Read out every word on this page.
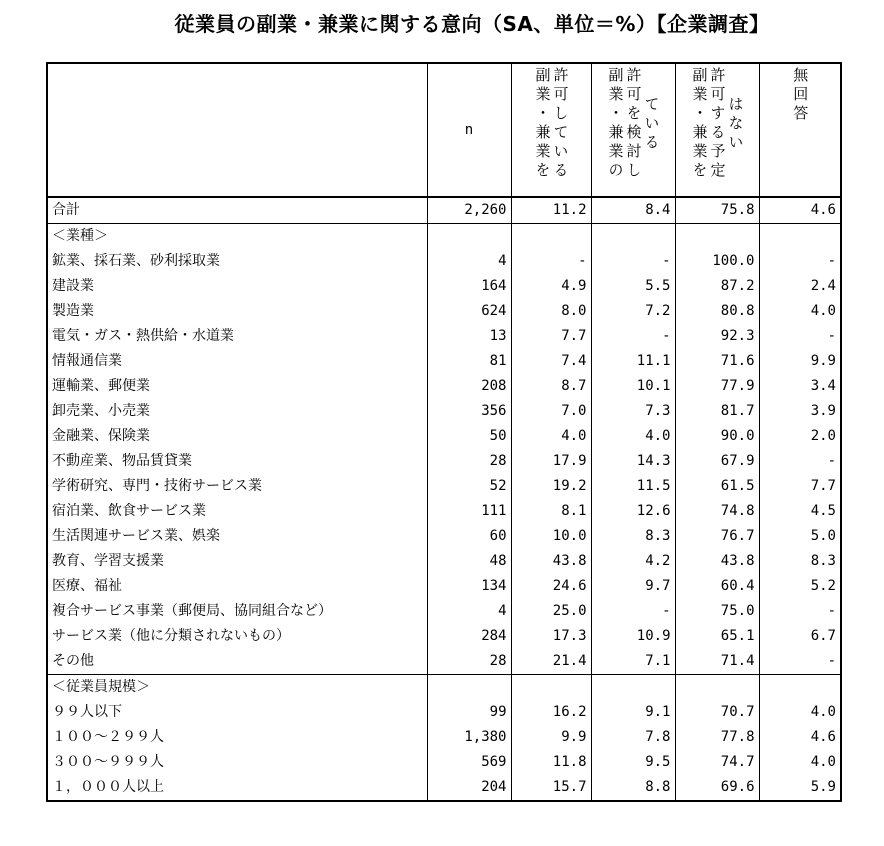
従業員の副業・兼業に関する意向（SA、単位＝%）【企業調査】
	n	副業・兼業を 許可している	副業・兼業の 許可を検討し ている	副業・兼業を 許可する予定 はない	無回答

合計	2,260	11.2	8.4	75.8	4.6
＜業種＞					
鉱業、採石業、砂利採取業	4	-	-	100.0	-
建設業	164	4.9	5.5	87.2	2.4
製造業	624	8.0	7.2	80.8	4.0
電気・ガス・熱供給・水道業	13	7.7	-	92.3	-
情報通信業	81	7.4	11.1	71.6	9.9
運輸業、郵便業	208	8.7	10.1	77.9	3.4
卸売業、小売業	356	7.0	7.3	81.7	3.9
金融業、保険業	50	4.0	4.0	90.0	2.0
不動産業、物品賃貸業	28	17.9	14.3	67.9	-
学術研究、専門・技術サービス業	52	19.2	11.5	61.5	7.7
宿泊業、飲食サービス業	111	8.1	12.6	74.8	4.5
生活関連サービス業、娯楽	60	10.0	8.3	76.7	5.0
教育、学習支援業	48	43.8	4.2	43.8	8.3
医療、福祉	134	24.6	9.7	60.4	5.2
複合サービス事業（郵便局、協同組合など）	4	25.0	-	75.0	-
サービス業（他に分類されないもの）	284	17.3	10.9	65.1	6.7
その他	28	21.4	7.1	71.4	-
＜従業員規模＞					
９９人以下	99	16.2	9.1	70.7	4.0
１００～２９９人	1,380	9.9	7.8	77.8	4.6
３００～９９９人	569	11.8	9.5	74.7	4.0
１，０００人以上	204	15.7	8.8	69.6	5.9
